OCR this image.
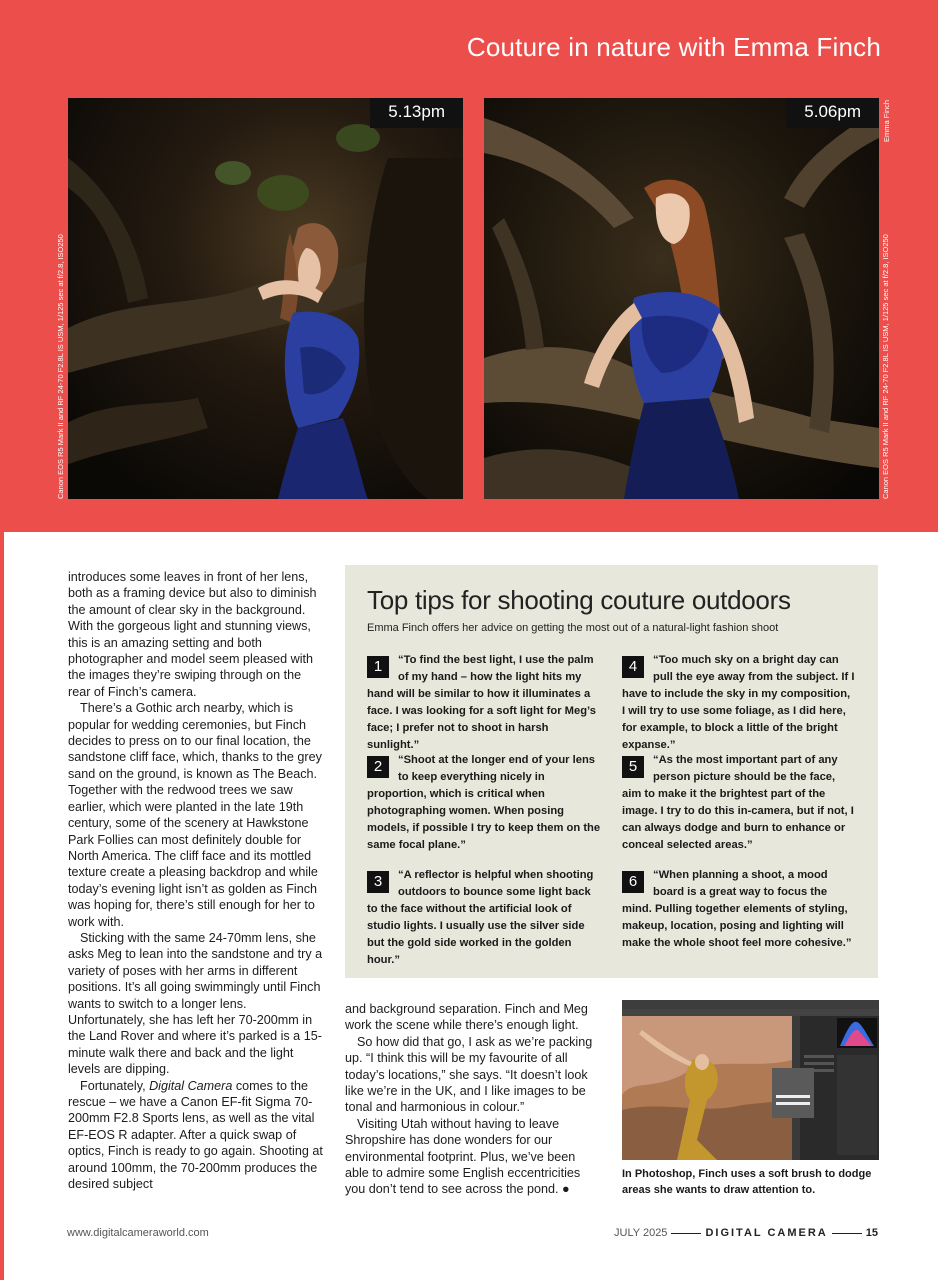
Couture in nature with Emma Finch
5.13pm
Canon EOS R5 Mark II and RF 24-70 F2.8L IS USM, 1/125 sec at f/2.8, ISO250
5.06pm
Canon EOS R5 Mark II and RF 24-70 F2.8L IS USM, 1/125 sec at f/2.8, ISO250
Emma Finch

introduces some leaves in front of her lens, both as a framing device but also to diminish the amount of clear sky in the background. With the gorgeous light and stunning views, this is an amazing setting and both photographer and model seem pleased with the images they’re swiping through on the rear of Finch’s camera.

There’s a Gothic arch nearby, which is popular for wedding ceremonies, but Finch decides to press on to our final location, the sandstone cliff face, which, thanks to the grey sand on the ground, is known as The Beach. Together with the redwood trees we saw earlier, which were planted in the late 19th century, some of the scenery at Hawkstone Park Follies can most definitely double for North America. The cliff face and its mottled texture create a pleasing backdrop and while today’s evening light isn’t as golden as Finch was hoping for, there’s still enough for her to work with.

Sticking with the same 24-70mm lens, she asks Meg to lean into the sandstone and try a variety of poses with her arms in different positions. It’s all going swimmingly until Finch wants to switch to a longer lens. Unfortunately, she has left her 70-200mm in the Land Rover and where it’s parked is a 15-minute walk there and back and the light levels are dipping.

Fortunately, Digital Camera comes to the rescue – we have a Canon EF-fit Sigma 70-200mm F2.8 Sports lens, as well as the vital EF-EOS R adapter. After a quick swap of optics, Finch is ready to go again. Shooting at around 100mm, the 70-200mm produces the desired subject

Top tips for shooting couture outdoors
Emma Finch offers her advice on getting the most out of a natural-light fashion shoot
1	“To find the best light, I use the palm of my hand – how the light hits my hand will be similar to how it illuminates a face. I was looking for a soft light for Meg’s face; I prefer not to shoot in harsh sunlight.”
2	“Shoot at the longer end of your lens to keep everything nicely in proportion, which is critical when photographing women. When posing models, if possible I try to keep them on the same focal plane.”
3	“A reflector is helpful when shooting outdoors to bounce some light back to the face without the artificial look of studio lights. I usually use the silver side but the gold side worked in the golden hour.”
4	“Too much sky on a bright day can pull the eye away from the subject. If I have to include the sky in my composition, I will try to use some foliage, as I did here, for example, to block a little of the bright expanse.”
5	“As the most important part of any person picture should be the face, aim to make it the brightest part of the image. I try to do this in-camera, but if not, I can always dodge and burn to enhance or conceal selected areas.”
6	“When planning a shoot, a mood board is a great way to focus the mind. Pulling together elements of styling, makeup, location, posing and lighting will make the whole shoot feel more cohesive.”

and background separation. Finch and Meg work the scene while there’s enough light.

So how did that go, I ask as we’re packing up. “I think this will be my favourite of all today’s locations,” she says. “It doesn’t look like we’re in the UK, and I like images to be tonal and harmonious in colour.”

Visiting Utah without having to leave Shropshire has done wonders for our environmental footprint. Plus, we’ve been able to admire some English eccentricities you don’t tend to see across the pond. ●

In Photoshop, Finch uses a soft brush to dodge areas she wants to draw attention to.
www.digitalcameraworld.com	JULY 2025	DIGITAL CAMERA	15
